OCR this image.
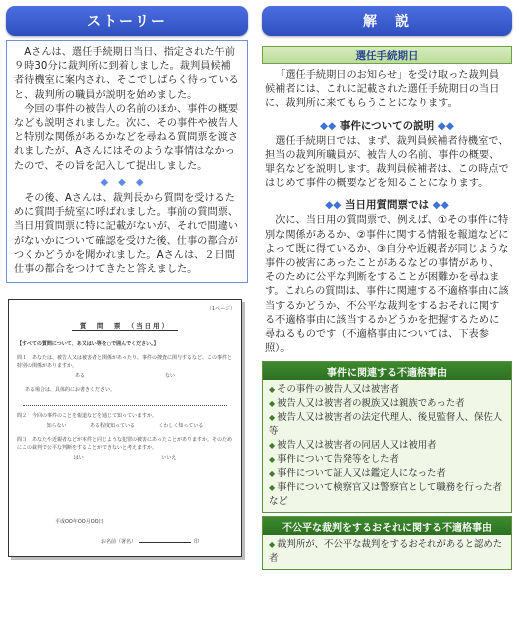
ストーリー

Aさんは、選任手続期日当日、指定された午前９時30分に裁判所に到着しました。裁判員候補者待機室に案内され、そこでしばらく待っていると、裁判所の職員が説明を始めました。

今回の事件の被告人の名前のほか、事件の概要なども説明されました。次に、その事件や被告人と特別な関係があるかなどを尋ねる質問票を渡されましたが、Aさんにはそのような事情はなかったので、その旨を記入して提出しました。

◆◆◆

その後、Aさんは、裁判長から質問を受けるために質問手続室に呼ばれました。事前の質問票、当日用質問票に特に記載がないが、それで間違いがないかについて確認を受けた後、仕事の都合がつくかどうかを聞かれました。Aさんは、２日間仕事の都合をつけてきたと答えました。

（1ページ）
質　問　票　（当日用）
【すべての質問について、あ又はい等を○で囲んでください。】
問１　あなたは、被告人又は被害者と関係があったり、事件の捜査に関与するなど、この事件と特別の関係がありますか。
ある	ない
ある場合は、具体的にお書きください。
問２　今回の事件のことを報道などを通じて知っていますか。
知らない	ある程度知っている	くわしく知っている
問３　あなたや近親者などが本件と同じような犯罪の被害にあったことがありますか。そのためにこの裁判で公平な判断をすることができないと考えますか。
はい	いいえ
平成OO年OO月OO日
お名前（署名）	印
解　説
選任手続期日

「選任手続期日のお知らせ」を受け取った裁判員候補者には、これに記載された選任手続期日の当日に、裁判所に来てもらうことになります。

◆◆ 事件についての説明 ◆◆

選任手続期日では、まず、裁判員候補者待機室で、担当の裁判所職員が、被告人の名前、事件の概要、罪名などを説明します。裁判員候補者は、この時点ではじめて事件の概要などを知ることになります。

◆◆ 当日用質問票では ◆◆

次に、当日用の質問票で、例えば、①その事件に特別な関係があるか、②事件に関する情報を報道などによって既に得ているか、③自分や近親者が同じような事件の被害にあったことがあるなどの事情があり、そのために公平な判断をすることが困難かを尋ねます。これらの質問は、事件に関連する不適格事由に該当するかどうか、不公平な裁判をするおそれに関する不適格事由に該当するかどうかを把握するために尋ねるものです（不適格事由については、下表参照）。

事件に関連する不適格事由
◆ その事件の被告人又は被害者
◆ 被告人又は被害者の親族又は親族であった者
◆ 被告人又は被害者の法定代理人、後見監督人、保佐人等
◆ 被告人又は被害者の同居人又は被用者
◆ 事件について告発等をした者
◆ 事件について証人又は鑑定人になった者
◆ 事件について検察官又は警察官として職務を行った者など
不公平な裁判をするおそれに関する不適格事由
◆ 裁判所が、不公平な裁判をするおそれがあると認めた者
